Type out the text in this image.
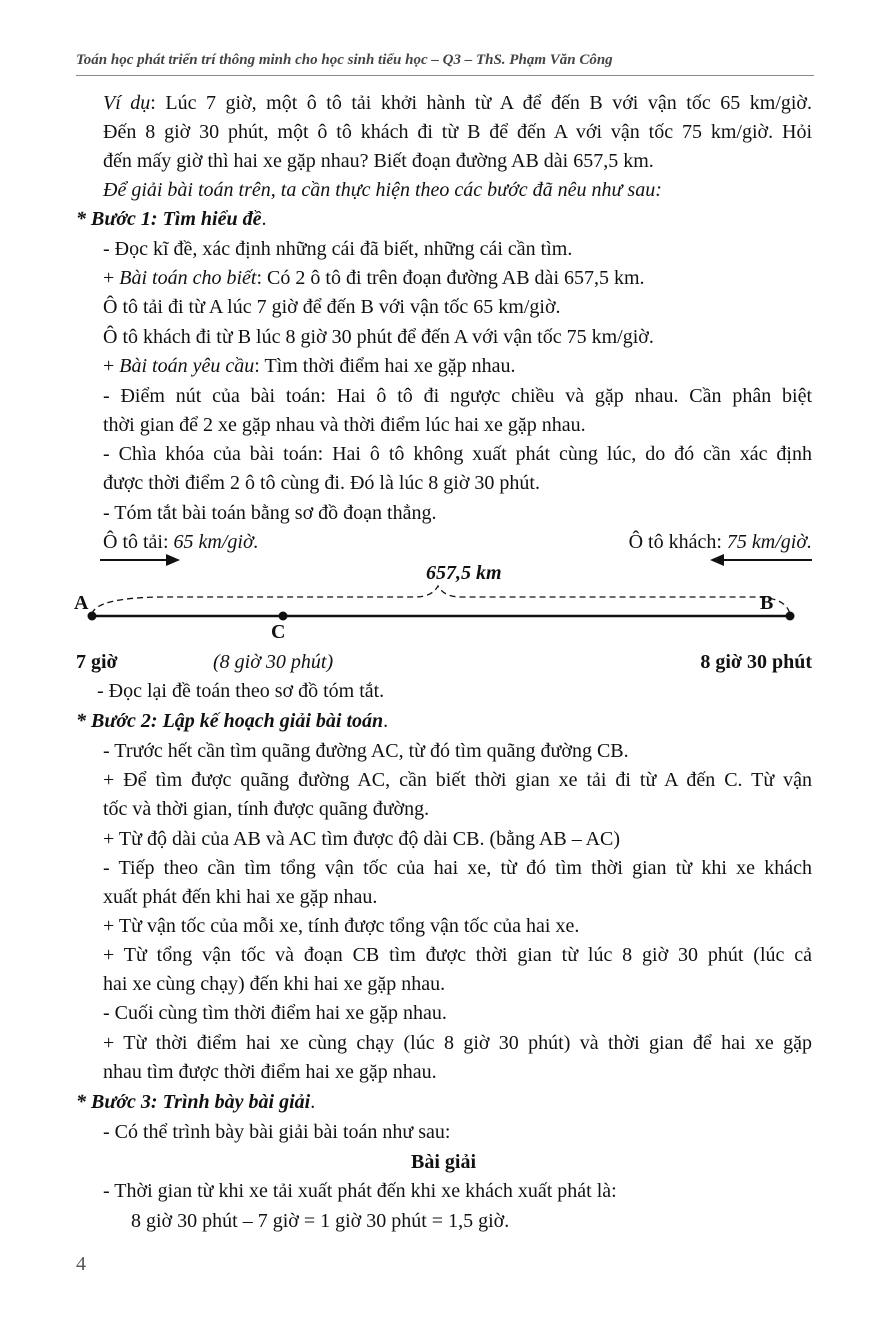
Toán học phát triển trí thông minh cho học sinh tiểu học – Q3 – ThS. Phạm Văn Công
Ví dụ: Lúc 7 giờ, một ô tô tải khởi hành từ A để đến B với vận tốc 65 km/giờ.
Đến 8 giờ 30 phút, một ô tô khách đi từ B để đến A với vận tốc 75 km/giờ. Hỏi
đến mấy giờ thì hai xe gặp nhau? Biết đoạn đường AB dài 657,5 km.
Để giải bài toán trên, ta cần thực hiện theo các bước đã nêu như sau:
* Bước 1: Tìm hiểu đề.
- Đọc kĩ đề, xác định những cái đã biết, những cái cần tìm.
+ Bài toán cho biết: Có 2 ô tô đi trên đoạn đường AB dài 657,5 km.
Ô tô tải đi từ A lúc 7 giờ để đến B với vận tốc 65 km/giờ.
Ô tô khách đi từ B lúc 8 giờ 30 phút để đến A với vận tốc 75 km/giờ.
+ Bài toán yêu cầu: Tìm thời điểm hai xe gặp nhau.
- Điểm nút của bài toán: Hai ô tô đi ngược chiều và gặp nhau. Cần phân biệt
thời gian để 2 xe gặp nhau và thời điểm lúc hai xe gặp nhau.
- Chìa khóa của bài toán: Hai ô tô không xuất phát cùng lúc, do đó cần xác định
được thời điểm 2 ô tô cùng đi. Đó là lúc 8 giờ 30 phút.
- Tóm tắt bài toán bằng sơ đồ đoạn thẳng.
Ô tô tải: 65 km/giờ.	Ô tô khách: 75 km/giờ.
657,5 km
A	B
C
7 giờ	(8 giờ 30 phút)	8 giờ 30 phút
- Đọc lại đề toán theo sơ đồ tóm tắt.
* Bước 2: Lập kế hoạch giải bài toán.
- Trước hết cần tìm quãng đường AC, từ đó tìm quãng đường CB.
+ Để tìm được quãng đường AC, cần biết thời gian xe tải đi từ A đến C. Từ vận
tốc và thời gian, tính được quãng đường.
+ Từ độ dài của AB và AC tìm được độ dài CB. (bằng AB – AC)
- Tiếp theo cần tìm tổng vận tốc của hai xe, từ đó tìm thời gian từ khi xe khách
xuất phát đến khi hai xe gặp nhau.
+ Từ vận tốc của mỗi xe, tính được tổng vận tốc của hai xe.
+ Từ tổng vận tốc và đoạn CB tìm được thời gian từ lúc 8 giờ 30 phút (lúc cả
hai xe cùng chạy) đến khi hai xe gặp nhau.
- Cuối cùng tìm thời điểm hai xe gặp nhau.
+ Từ thời điểm hai xe cùng chạy (lúc 8 giờ 30 phút) và thời gian để hai xe gặp
nhau tìm được thời điểm hai xe gặp nhau.
* Bước 3: Trình bày bài giải.
- Có thể trình bày bài giải bài toán như sau:
Bài giải
- Thời gian từ khi xe tải xuất phát đến khi xe khách xuất phát là:
8 giờ 30 phút – 7 giờ = 1 giờ 30 phút = 1,5 giờ.
4
